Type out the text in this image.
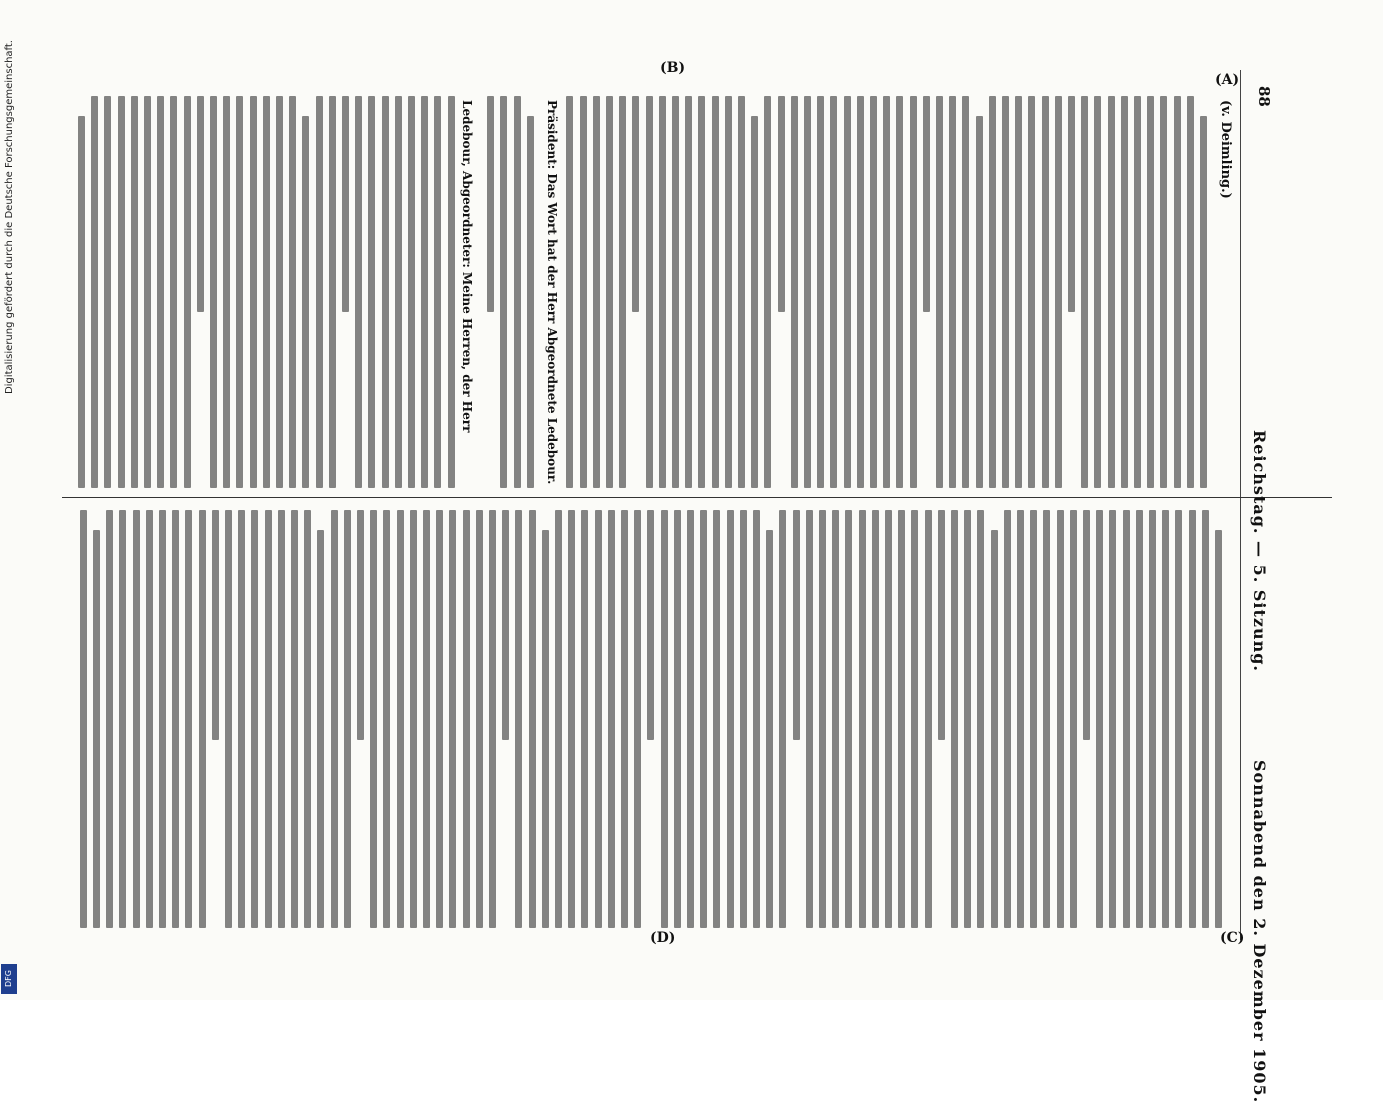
Digitalisierung gefördert durch die Deutsche Forschungsgemeinschaft.
DFG
88
Reichstag. — 5. Sitzung.
Sonnabend den 2. Dezember 1905.
(A)
(B)
(C)
(D)
(v. Deimling.)
Präsident: Das Wort hat der Herr Abgeordnete Ledebour.
Ledebour, Abgeordneter: Meine Herren, der Herr
